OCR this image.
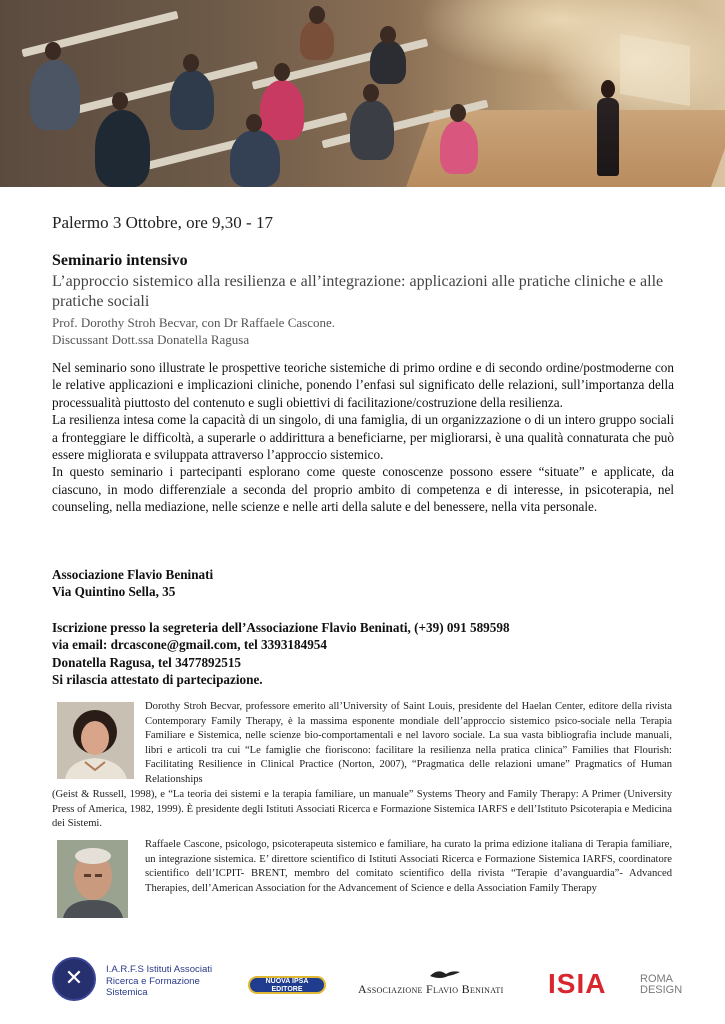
Palermo 3 Ottobre, ore 9,30 - 17
Seminario intensivo
L’approccio sistemico alla resilienza e all’integrazione: applicazioni alle pratiche cliniche e alle pratiche sociali
Prof. Dorothy Stroh Becvar, con Dr Raffaele Cascone.
Discussant Dott.ssa Donatella Ragusa

Nel seminario sono illustrate le prospettive teoriche sistemiche di primo ordine e di secondo ordine/postmoderne con le relative applicazioni e implicazioni cliniche, ponendo l’enfasi sul significato delle relazioni, sull’importanza della processualità piuttosto del contenuto e sugli obiettivi di facilitazione/costruzione della resilienza.

La resilienza intesa come la capacità di un singolo, di una famiglia, di un organizzazione o di un intero gruppo sociali a fronteggiare le difficoltà, a superarle o addirittura a beneficiarne, per migliorarsi, è una qualità connaturata che può essere migliorata e sviluppata attraverso l’approccio sistemico.

In questo seminario i partecipanti esplorano come queste conoscenze possono essere “situate” e applicate, da ciascuno, in modo differenziale a seconda del proprio ambito di competenza e di interesse, in psicoterapia, nel counseling, nella mediazione, nelle scienze e nelle arti della salute e del benessere, nella vita personale.

Associazione Flavio Beninati
Via Quintino Sella, 35
Iscrizione presso la segreteria dell’Associazione Flavio Beninati, (+39) 091 589598
via email: drcascone@gmail.com, tel 3393184954
Donatella Ragusa, tel 3477892515
Si rilascia attestato di partecipazione.
Dorothy Stroh Becvar, professore emerito all’University of Saint Louis, presidente del Haelan Center, editore della rivista Contemporary Family Therapy, è la massima esponente mondiale dell’approccio sistemico psico-sociale nella Terapia Familiare e Sistemica, nelle scienze bio-comportamentali e nel lavoro sociale. La sua vasta bibliografia include manuali, libri e articoli tra cui “Le famiglie che fioriscono: facilitare la resilienza nella pratica clinica” Families that Flourish: Facilitating Resilience in Clinical Practice (Norton, 2007), “Pragmatica delle relazioni umane” Pragmatics of Human Relationships
(Geist & Russell, 1998), e “La teoria dei sistemi e la terapia familiare, un manuale” Systems Theory and Family Therapy: A Primer (University Press of America, 1982, 1999). È presidente degli Istituti Associati Ricerca e Formazione Sistemica IARFS e dell’Istituto Psicoterapia e Medicina dei Sistemi.
Raffaele Cascone, psicologo, psicoterapeuta sistemico e familiare, ha curato la prima edizione italiana di Terapia familiare, un integrazione sistemica. E’ direttore scientifico di Istituti Associati Ricerca e Formazione Sistemica IARFS, coordinatore scientifico dell’ICPIT- BRENT, membro del comitato scientifico della rivista “Terapie d’avanguardia”- Advanced Therapies, dell’American Association for the Advancement of Science e della Association Family Therapy
✕	I.A.R.F.S Istituti Associati
Ricerca e Formazione
Sistemica
NUOVA IPSA
EDITORE	Associazione Flavio Beninati ISIA	ROMA
DESIGN
